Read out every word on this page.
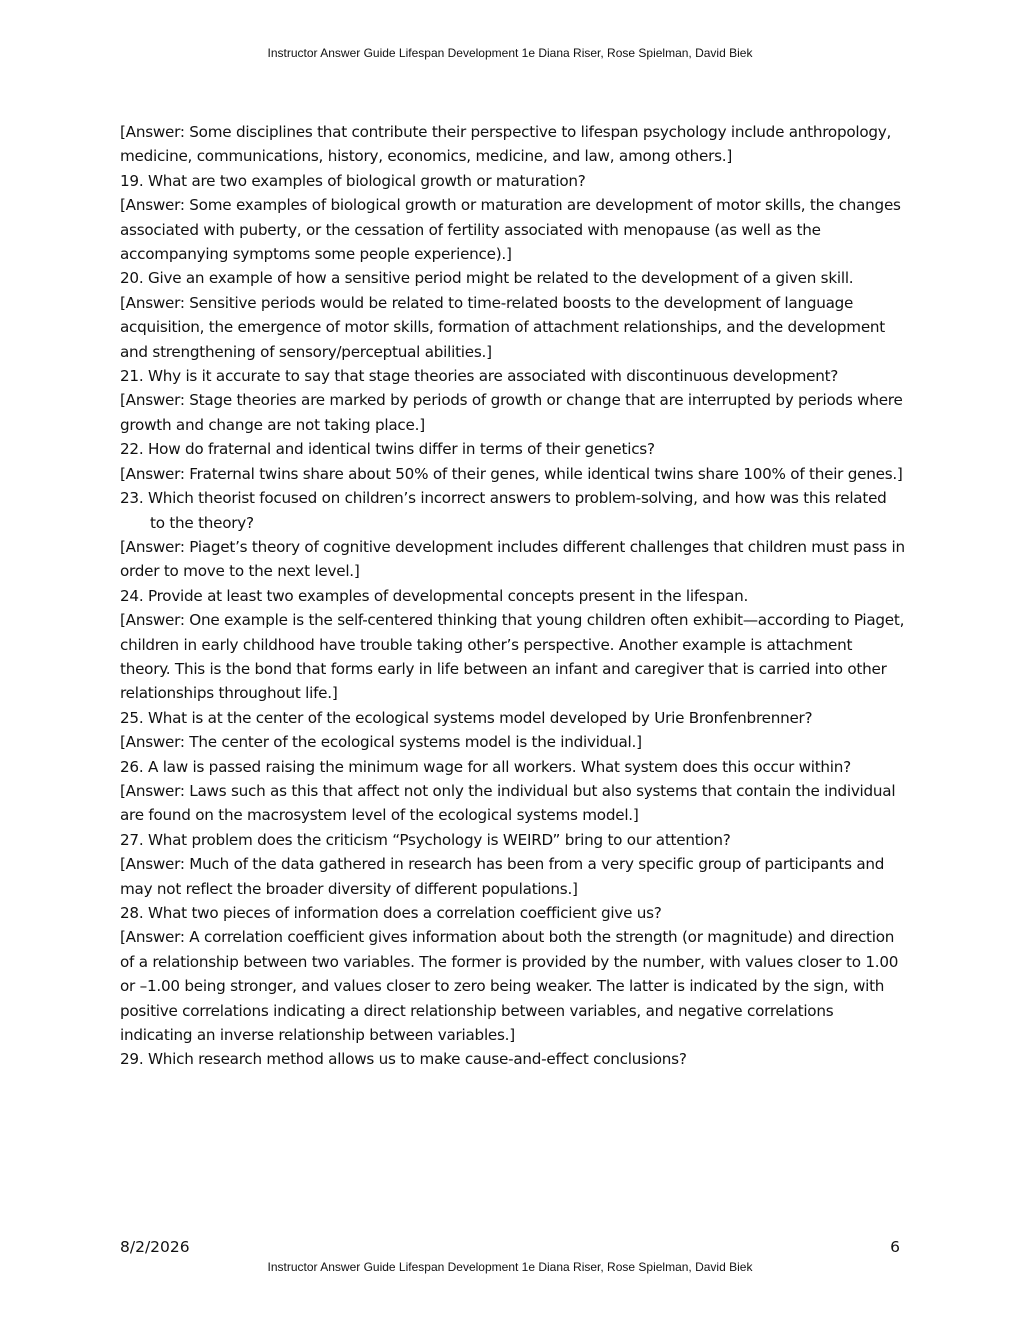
Instructor Answer Guide Lifespan Development 1e Diana Riser, Rose Spielman, David Biek

[Answer: Some disciplines that contribute their perspective to lifespan psychology include anthropology, medicine, communications, history, economics, medicine, and law, among others.]

19. What are two examples of biological growth or maturation?

[Answer: Some examples of biological growth or maturation are development of motor skills, the changes associated with puberty, or the cessation of fertility associated with menopause (as well as the accompanying symptoms some people experience).]

20. Give an example of how a sensitive period might be related to the development of a given skill.

[Answer: Sensitive periods would be related to time-related boosts to the development of language acquisition, the emergence of motor skills, formation of attachment relationships, and the development and strengthening of sensory/perceptual abilities.]

21. Why is it accurate to say that stage theories are associated with discontinuous development?

[Answer: Stage theories are marked by periods of growth or change that are interrupted by periods where growth and change are not taking place.]

22. How do fraternal and identical twins differ in terms of their genetics?

[Answer: Fraternal twins share about 50% of their genes, while identical twins share 100% of their genes.]

23. Which theorist focused on children’s incorrect answers to problem-solving, and how was this related to the theory?

[Answer: Piaget’s theory of cognitive development includes different challenges that children must pass in order to move to the next level.]

24. Provide at least two examples of developmental concepts present in the lifespan.

[Answer: One example is the self-centered thinking that young children often exhibit—according to Piaget, children in early childhood have trouble taking other’s perspective. Another example is attachment theory. This is the bond that forms early in life between an infant and caregiver that is carried into other relationships throughout life.]

25. What is at the center of the ecological systems model developed by Urie Bronfenbrenner?

[Answer: The center of the ecological systems model is the individual.]

26. A law is passed raising the minimum wage for all workers. What system does this occur within?

[Answer: Laws such as this that affect not only the individual but also systems that contain the individual are found on the macrosystem level of the ecological systems model.]

27. What problem does the criticism “Psychology is WEIRD” bring to our attention?

[Answer: Much of the data gathered in research has been from a very specific group of participants and may not reflect the broader diversity of different populations.]

28. What two pieces of information does a correlation coefficient give us?

[Answer: A correlation coefficient gives information about both the strength (or magnitude) and direction of a relationship between two variables. The former is provided by the number, with values closer to 1.00 or –1.00 being stronger, and values closer to zero being weaker. The latter is indicated by the sign, with positive correlations indicating a direct relationship between variables, and negative correlations indicating an inverse relationship between variables.]

29. Which research method allows us to make cause-and-effect conclusions?

8/2/2026	6
Instructor Answer Guide Lifespan Development 1e Diana Riser, Rose Spielman, David Biek
